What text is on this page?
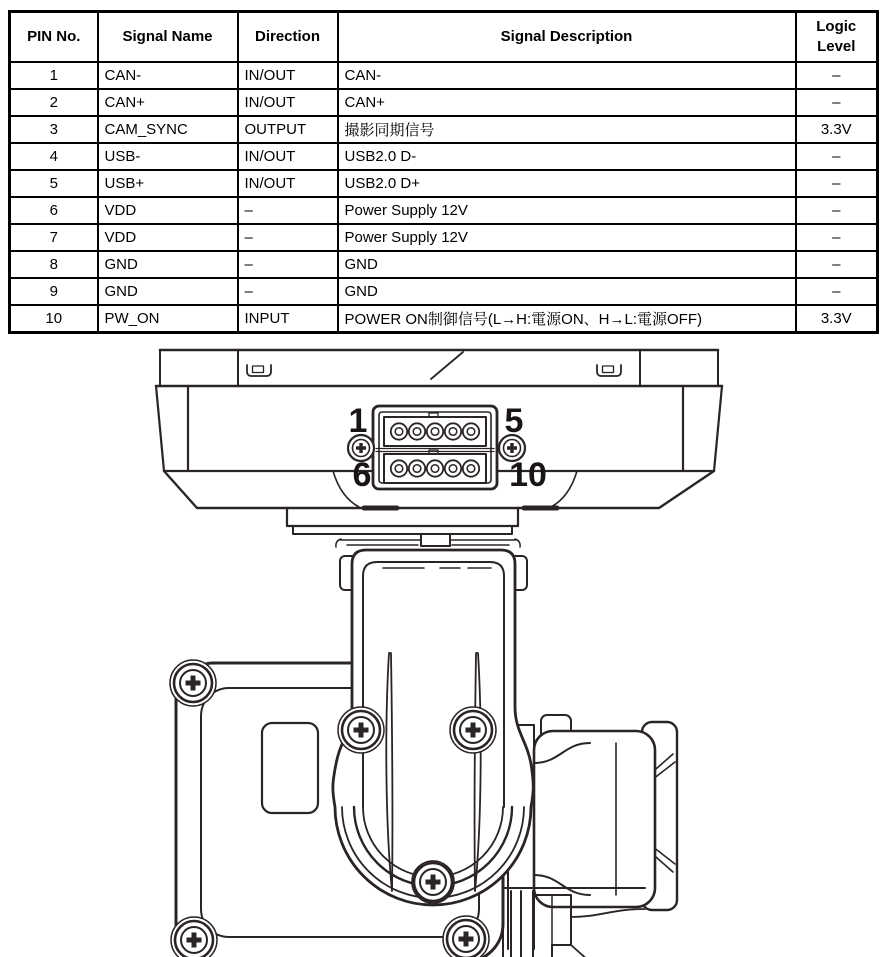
PIN No.	Signal Name	Direction	Signal Description	Logic
Level
1	CAN-	IN/OUT	CAN-	–
2	CAN+	IN/OUT	CAN+	–
3	CAM_SYNC	OUTPUT	撮影同期信号	3.3V
4	USB-	IN/OUT	USB2.0 D-	–
5	USB+	IN/OUT	USB2.0 D+	–
6	VDD	–	Power Supply 12V	–
7	VDD	–	Power Supply 12V	–
8	GND	–	GND	–
9	GND	–	GND	–
10	PW_ON	INPUT	POWER ON制御信号(L→H:電源ON、H→L:電源OFF)	3.3V
1	5
6	10
